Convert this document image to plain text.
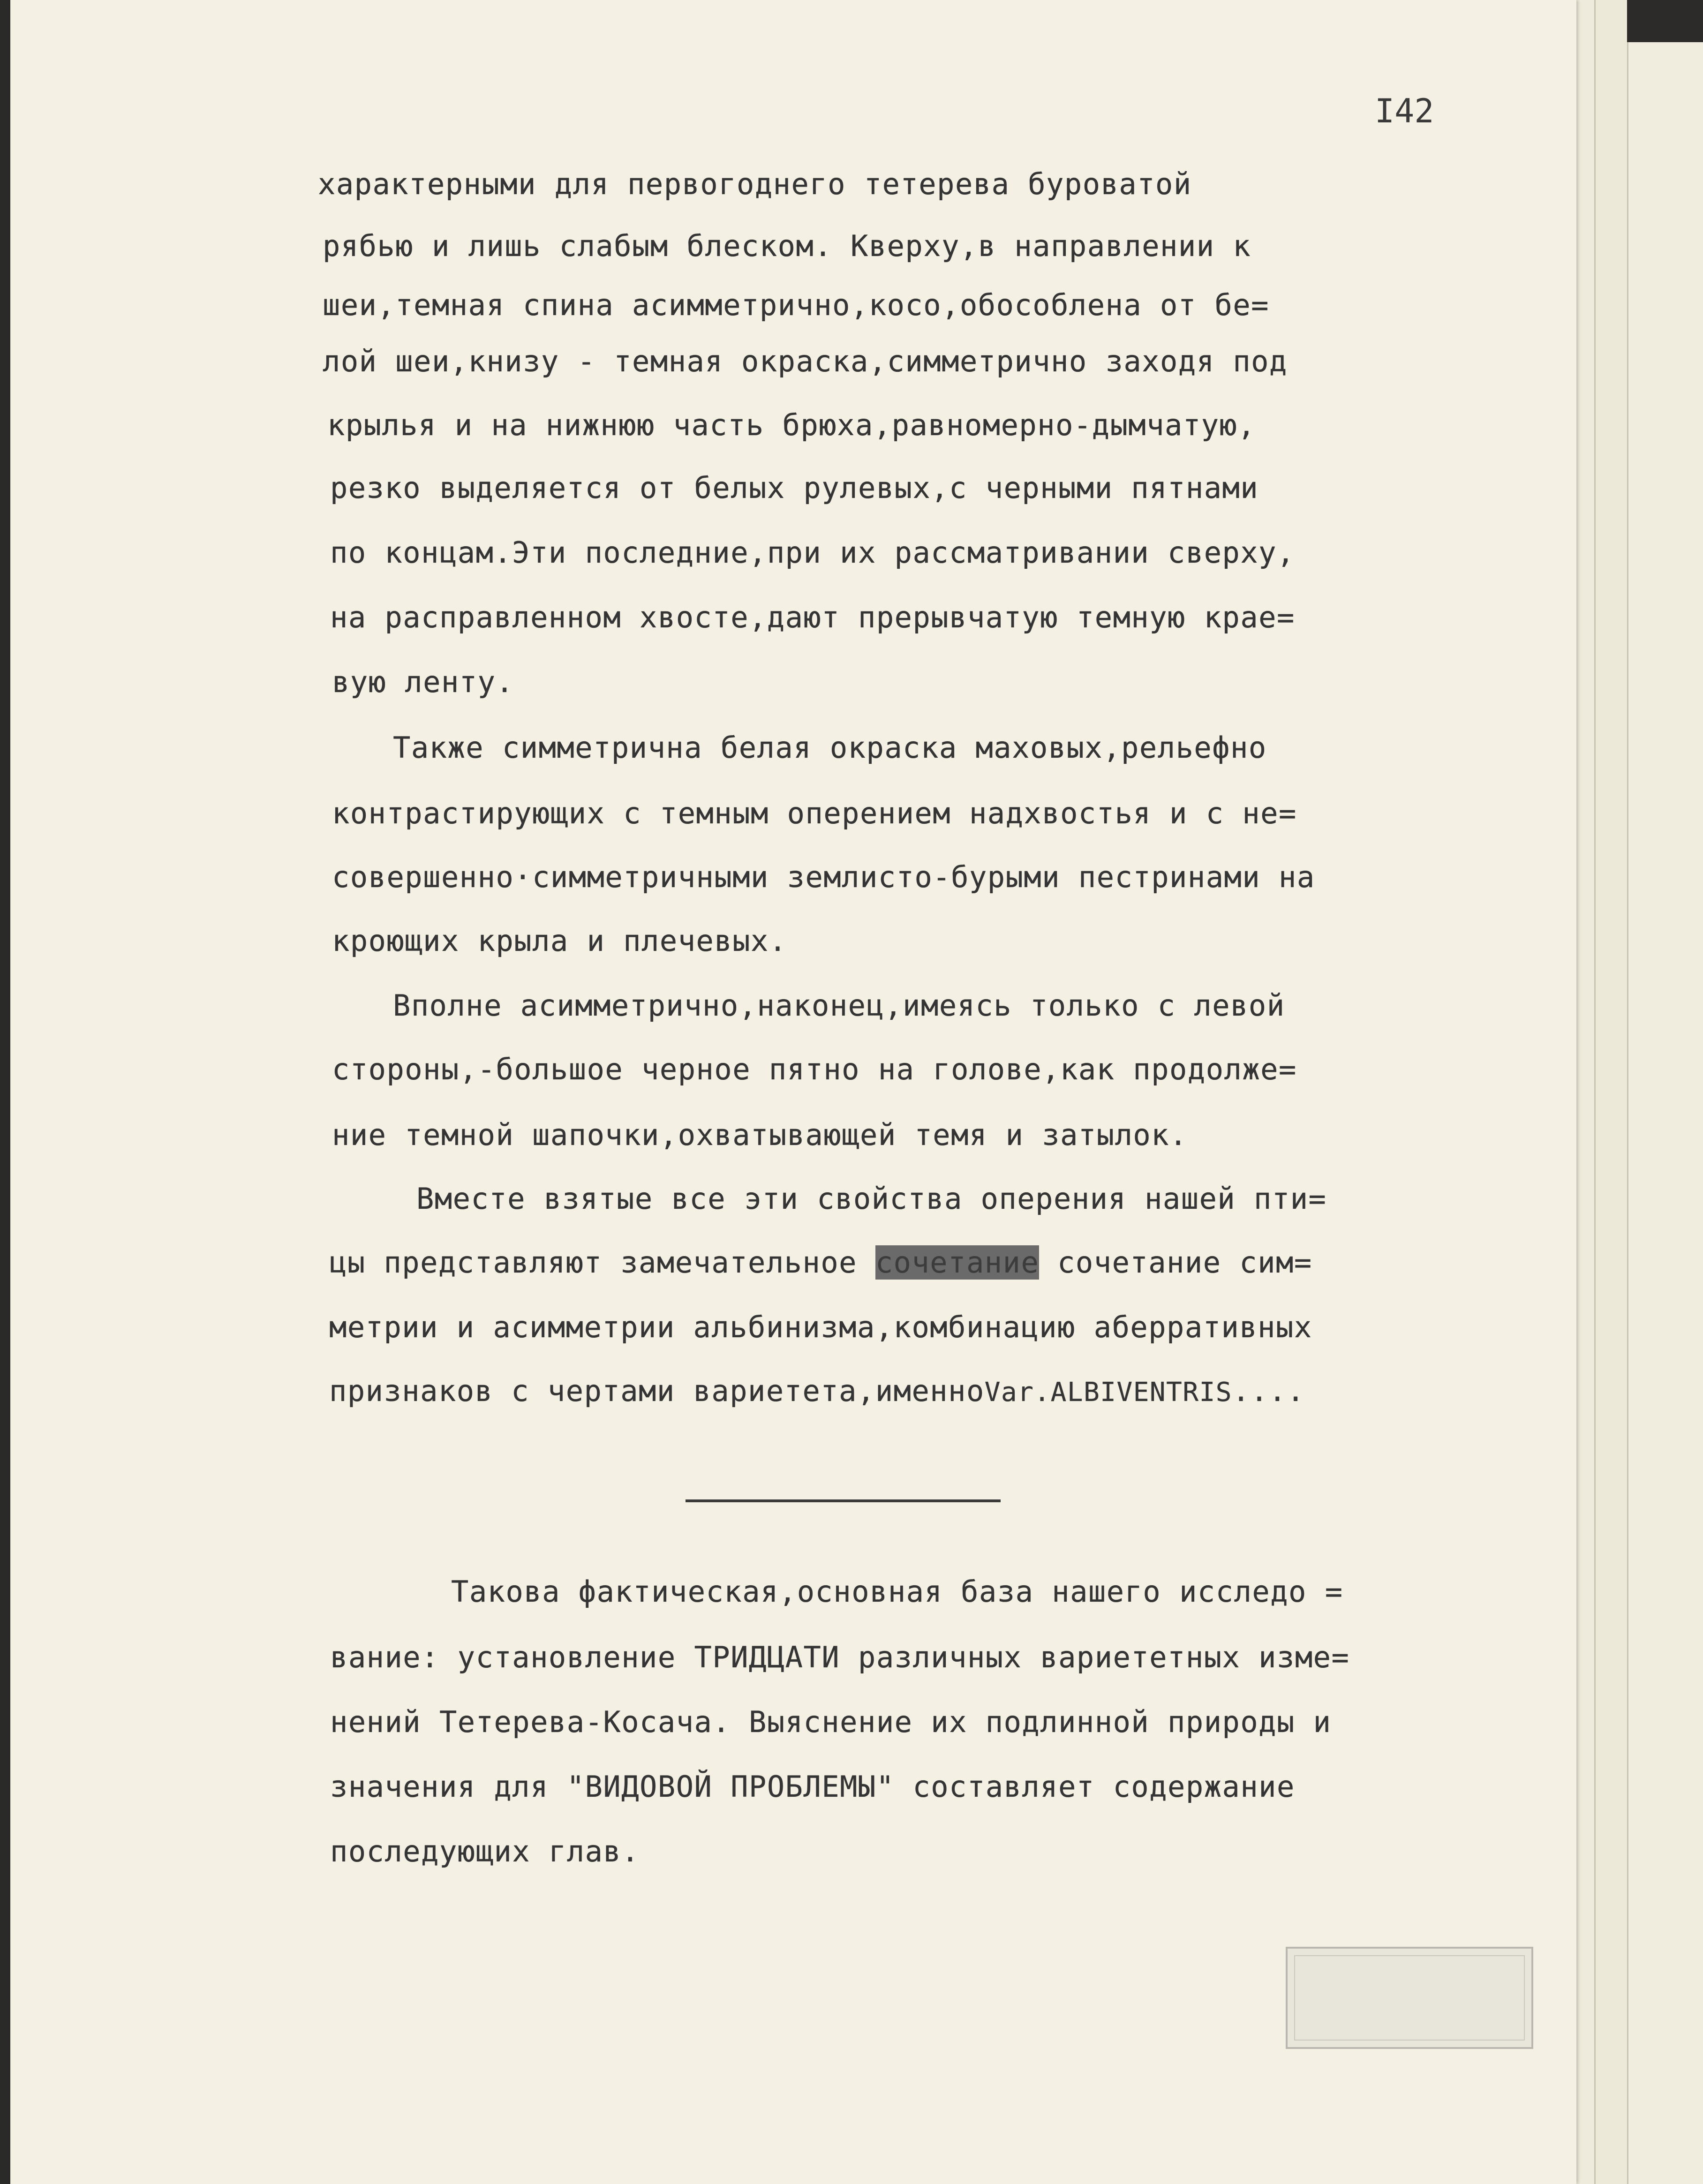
I42
характерными для первогоднего тетерева буроватой
рябью и лишь слабым блеском. Кверху,в направлении к
шеи,темная спина асимметрично,косо,обособлена от бе=
лой шеи,книзу - темная окраска,симметрично заходя под
крылья и на нижнюю часть брюха,равномерно-дымчатую,
резко выделяется от белых рулевых,с черными пятнами
по концам.Эти последние,при их рассматривании сверху,
на расправленном хвосте,дают прерывчатую темную крае=
вую ленту.
Также симметрична белая окраска маховых,рельефно
контрастирующих с темным оперением надхвостья и с не=
совершенно·симметричными землисто-бурыми пестринами на
кроющих крыла и плечевых.
Вполне асимметрично,наконец,имеясь только с левой
стороны,-большое черное пятно на голове,как продолже=
ние темной шапочки,охватывающей темя и затылок.
Вместе взятые все эти свойства оперения нашей пти=
цы представляют замечательное сочетание сочетание сим=
метрии и асимметрии альбинизма,комбинацию аберративных
признаков с чертами вариетета,именноVar.ALBIVENTRIS....
Такова фактическая,основная база нашего исследо =
вание: установление ТРИДЦАТИ различных вариететных изме=
нений Тетерева-Косача. Выяснение их подлинной природы и
значения для "ВИДОВОЙ ПРОБЛЕМЫ" составляет содержание
последующих глав.
